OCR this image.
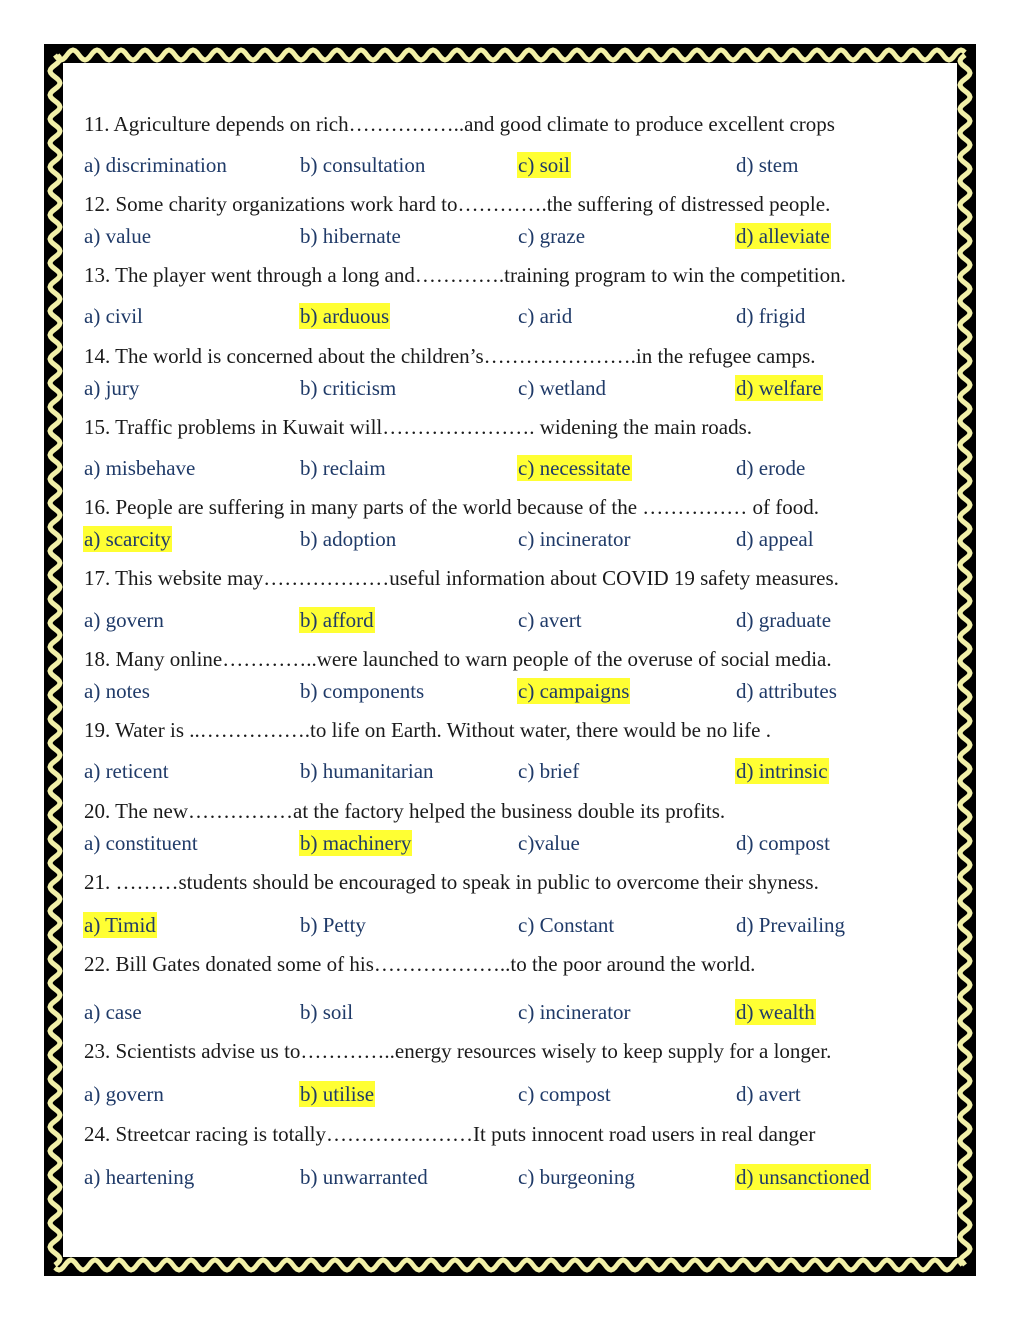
11. Agriculture depends on rich……………..and good climate to produce excellent crops
a) discrimination	b) consultation	c) soil	d) stem
12. Some charity organizations work hard to………….the suffering of distressed people.
a) value	b) hibernate	c) graze	d) alleviate
13. The player went through a long and………….training program to win the competition.
a) civil	b) arduous	c) arid	d) frigid
14. The world is concerned about the children’s………………….in the refugee camps.
a) jury	b) criticism	c) wetland	d) welfare
15. Traffic problems in Kuwait will…………………. widening the main roads.
a) misbehave	b) reclaim	c) necessitate	d) erode
16. People are suffering in many parts of the world because of the …………… of food.
a) scarcity	b) adoption	c) incinerator	d) appeal
17. This website may………………useful information about COVID 19 safety measures.
a) govern	b) afford	c) avert	d) graduate
18. Many online…………..were launched to warn people of the overuse of social media.
a) notes	b) components	c) campaigns	d) attributes
19. Water is ..…………….to life on Earth. Without water, there would be no life .
a) reticent	b) humanitarian	c) brief	d) intrinsic
20. The new……………at the factory helped the business double its profits.
a) constituent	b) machinery	c)value	d) compost
21. ………students should be encouraged to speak in public to overcome their shyness.
a) Timid	b) Petty	c) Constant	d) Prevailing
22. Bill Gates donated some of his………………..to the poor around the world.
a) case	b) soil	c) incinerator	d) wealth
23. Scientists advise us to…………..energy resources wisely to keep supply for a longer.
a) govern	b) utilise	c) compost	d) avert
24. Streetcar racing is totally…………………It puts innocent road users in real danger
a) heartening	b) unwarranted	c) burgeoning	d) unsanctioned
